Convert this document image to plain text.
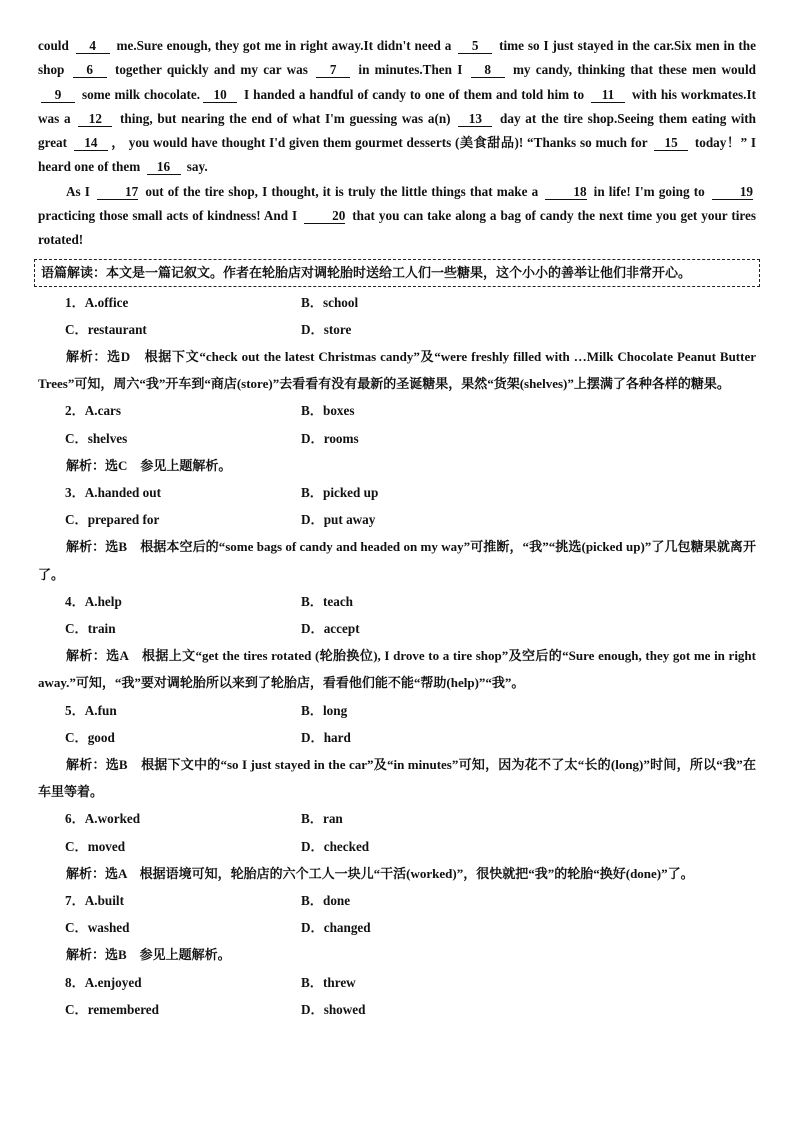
could 4 me.Sure enough, they got me in right away.It didn't need a 5 time so I just stayed in the car.Six men in the shop 6 together quickly and my car was 7 in minutes.Then I 8 my candy, thinking that these men would 9 some milk chocolate. 10 I handed a handful of candy to one of them and told him to 11 with his workmates.It was a 12 thing, but nearing the end of what I'm guessing was a(n) 13 day at the tire shop.Seeing them eating with great 14 ， you would have thought I'd given them gourmet desserts (美食甜品)! “Thanks so much for 15 today！” I heard one of them 16 say.

As I 17 out of the tire shop, I thought, it is truly the little things that make a 18 in life! I'm going to 19 practicing those small acts of kindness! And I 20 that you can take along a bag of candy the next time you get your tires rotated!

语篇解读：本文是一篇记叙文。作者在轮胎店对调轮胎时送给工人们一些糖果，这个小小的善举让他们非常开心。
1．A.office	B．school
C．restaurant	D．store

解析：选D　根据下文“check out the latest Christmas candy”及“were freshly filled with …Milk Chocolate Peanut Butter Trees”可知，周六“我”开车到“商店(store)”去看看有没有最新的圣诞糖果，果然“货架(shelves)”上摆满了各种各样的糖果。

2．A.cars	B．boxes
C．shelves	D．rooms

解析：选C　参见上题解析。

3．A.handed out	B．picked up
C．prepared for	D．put away

解析：选B　根据本空后的“some bags of candy and headed on my way”可推断，“我”“挑选(picked up)”了几包糖果就离开了。

4．A.help	B．teach
C．train	D．accept

解析：选A　根据上文“get the tires rotated (轮胎换位), I drove to a tire shop”及空后的“Sure enough, they got me in right away.”可知，“我”要对调轮胎所以来到了轮胎店，看看他们能不能“帮助(help)”“我”。

5．A.fun	B．long
C．good	D．hard

解析：选B　根据下文中的“so I just stayed in the car”及“in minutes”可知，因为花不了太“长的(long)”时间，所以“我”在车里等着。

6．A.worked	B．ran
C．moved	D．checked

解析：选A　根据语境可知，轮胎店的六个工人一块儿“干活(worked)”，很快就把“我”的轮胎“换好(done)”了。

7．A.built	B．done
C．washed	D．changed

解析：选B　参见上题解析。

8．A.enjoyed	B．threw
C．remembered	D．showed
